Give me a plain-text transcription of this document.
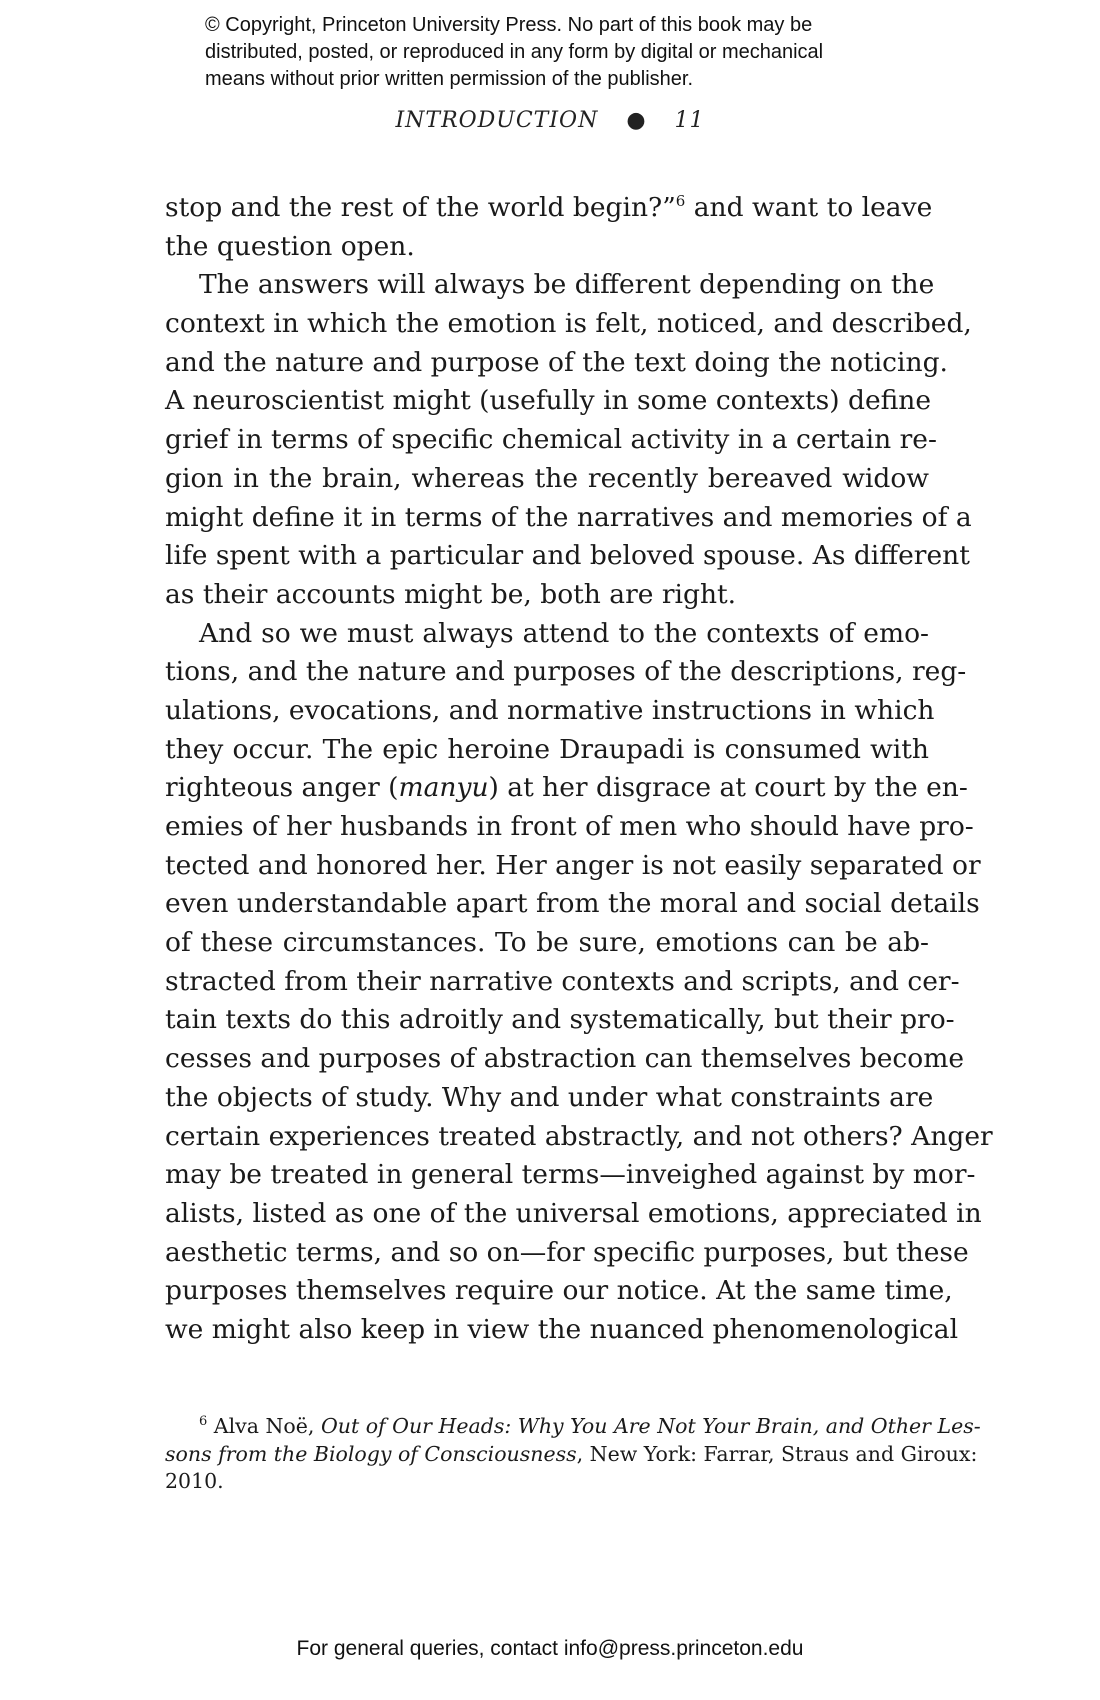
© Copyright, Princeton University Press. No part of this book may be
distributed, posted, or reproduced in any form by digital or mechanical
means without prior written permission of the publisher.
INTRODUCTION ● 11
stop and the rest of the world begin?”$^6$ and want to leave
the question open.
The answers will always be different depending on the
context in which the emotion is felt, noticed, and described,
and the nature and purpose of the text doing the noticing.
A neuroscientist might (usefully in some contexts) define
grief in terms of specific chemical activity in a certain re-
gion in the brain, whereas the recently bereaved widow
might define it in terms of the narratives and memories of a
life spent with a particular and beloved spouse. As different
as their accounts might be, both are right.
And so we must always attend to the contexts of emo-
tions, and the nature and purposes of the descriptions, reg-
ulations, evocations, and normative instructions in which
they occur. The epic heroine Draupadi is consumed with
righteous anger (manyu) at her disgrace at court by the en-
emies of her husbands in front of men who should have pro-
tected and honored her. Her anger is not easily separated or
even understandable apart from the moral and social details
of these circumstances. To be sure, emotions can be ab-
stracted from their narrative contexts and scripts, and cer-
tain texts do this adroitly and systematically, but their pro-
cesses and purposes of abstraction can themselves become
the objects of study. Why and under what constraints are
certain experiences treated abstractly, and not others? Anger
may be treated in general terms—inveighed against by mor-
alists, listed as one of the universal emotions, appreciated in
aesthetic terms, and so on—for specific purposes, but these
purposes themselves require our notice. At the same time,
we might also keep in view the nuanced phenomenological
$^6$ Alva Noë, Out of Our Heads: Why You Are Not Your Brain, and Other Les-
sons from the Biology of Consciousness, New York: Farrar, Straus and Giroux:
2010.
For general queries, contact info@press.princeton.edu
